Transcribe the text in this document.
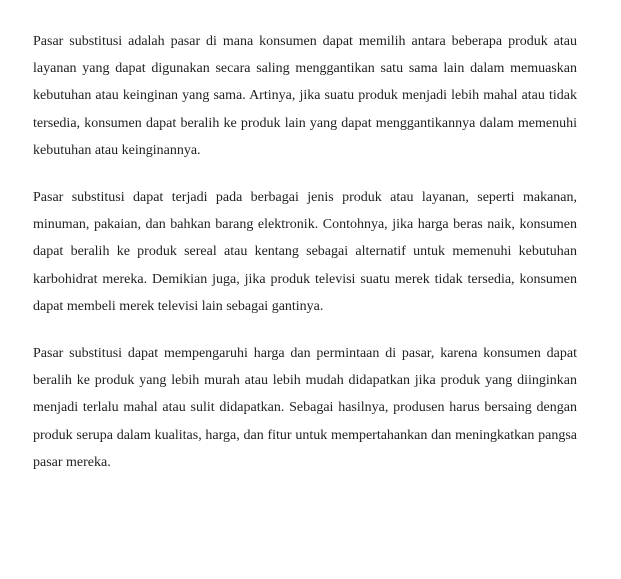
Pasar substitusi adalah pasar di mana konsumen dapat memilih antara beberapa produk atau layanan yang dapat digunakan secara saling menggantikan satu sama lain dalam memuaskan kebutuhan atau keinginan yang sama. Artinya, jika suatu produk menjadi lebih mahal atau tidak tersedia, konsumen dapat beralih ke produk lain yang dapat menggantikannya dalam memenuhi kebutuhan atau keinginannya.

Pasar substitusi dapat terjadi pada berbagai jenis produk atau layanan, seperti makanan, minuman, pakaian, dan bahkan barang elektronik. Contohnya, jika harga beras naik, konsumen dapat beralih ke produk sereal atau kentang sebagai alternatif untuk memenuhi kebutuhan karbohidrat mereka. Demikian juga, jika produk televisi suatu merek tidak tersedia, konsumen dapat membeli merek televisi lain sebagai gantinya.

Pasar substitusi dapat mempengaruhi harga dan permintaan di pasar, karena konsumen dapat beralih ke produk yang lebih murah atau lebih mudah didapatkan jika produk yang diinginkan menjadi terlalu mahal atau sulit didapatkan. Sebagai hasilnya, produsen harus bersaing dengan produk serupa dalam kualitas, harga, dan fitur untuk mempertahankan dan meningkatkan pangsa pasar mereka.
